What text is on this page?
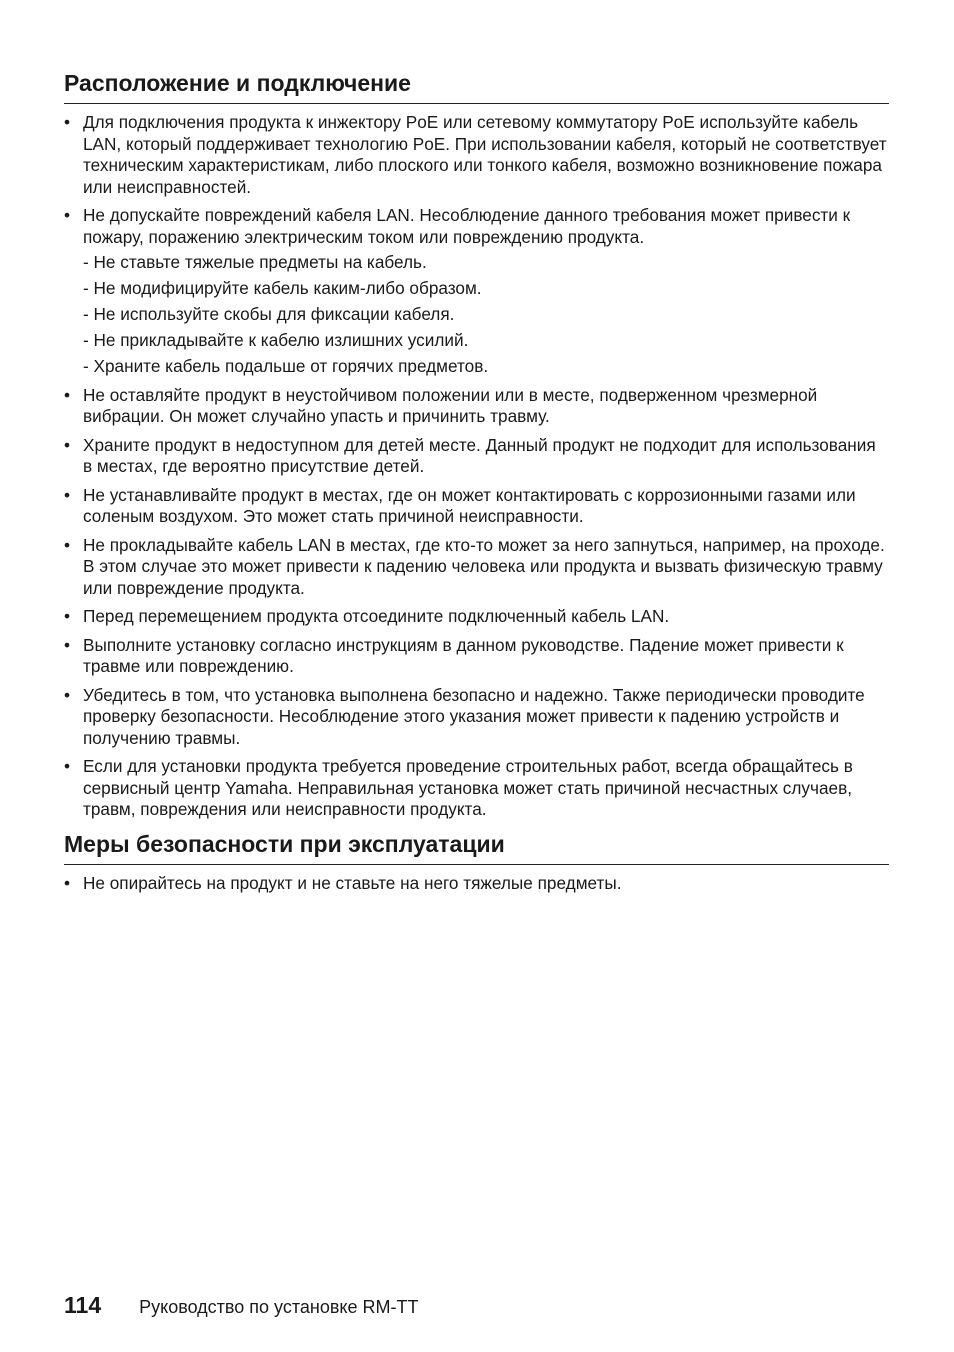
Расположение и подключение
• Для подключения продукта к инжектору PoE или сетевому коммутатору PoE используйте кабель LAN, который поддерживает технологию PoE. При использовании кабеля, который не соответствует техническим характеристикам, либо плоского или тонкого кабеля, возможно возникновение пожара или неисправностей.
• Не допускайте повреждений кабеля LAN. Несоблюдение данного требования может привести к пожару, поражению электрическим током или повреждению продукта.
- Не ставьте тяжелые предметы на кабель.
- Не модифицируйте кабель каким-либо образом.
- Не используйте скобы для фиксации кабеля.
- Не прикладывайте к кабелю излишних усилий.
- Храните кабель подальше от горячих предметов.
• Не оставляйте продукт в неустойчивом положении или в месте, подверженном чрезмерной вибрации. Он может случайно упасть и причинить травму.
• Храните продукт в недоступном для детей месте. Данный продукт не подходит для использования в местах, где вероятно присутствие детей.
• Не устанавливайте продукт в местах, где он может контактировать с коррозионными газами или соленым воздухом. Это может стать причиной неисправности.
• Не прокладывайте кабель LAN в местах, где кто-то может за него запнуться, например, на проходе. В этом случае это может привести к падению человека или продукта и вызвать физическую травму или повреждение продукта.
• Перед перемещением продукта отсоедините подключенный кабель LAN.
• Выполните установку согласно инструкциям в данном руководстве. Падение может привести к травме или повреждению.
• Убедитесь в том, что установка выполнена безопасно и надежно. Также периодически проводите проверку безопасности. Несоблюдение этого указания может привести к падению устройств и получению травмы.
• Если для установки продукта требуется проведение строительных работ, всегда обращайтесь в сервисный центр Yamaha. Неправильная установка может стать причиной несчастных случаев, травм, повреждения или неисправности продукта.
Меры безопасности при эксплуатации
• Не опирайтесь на продукт и не ставьте на него тяжелые предметы.
114 Руководство по установке RM-TT
